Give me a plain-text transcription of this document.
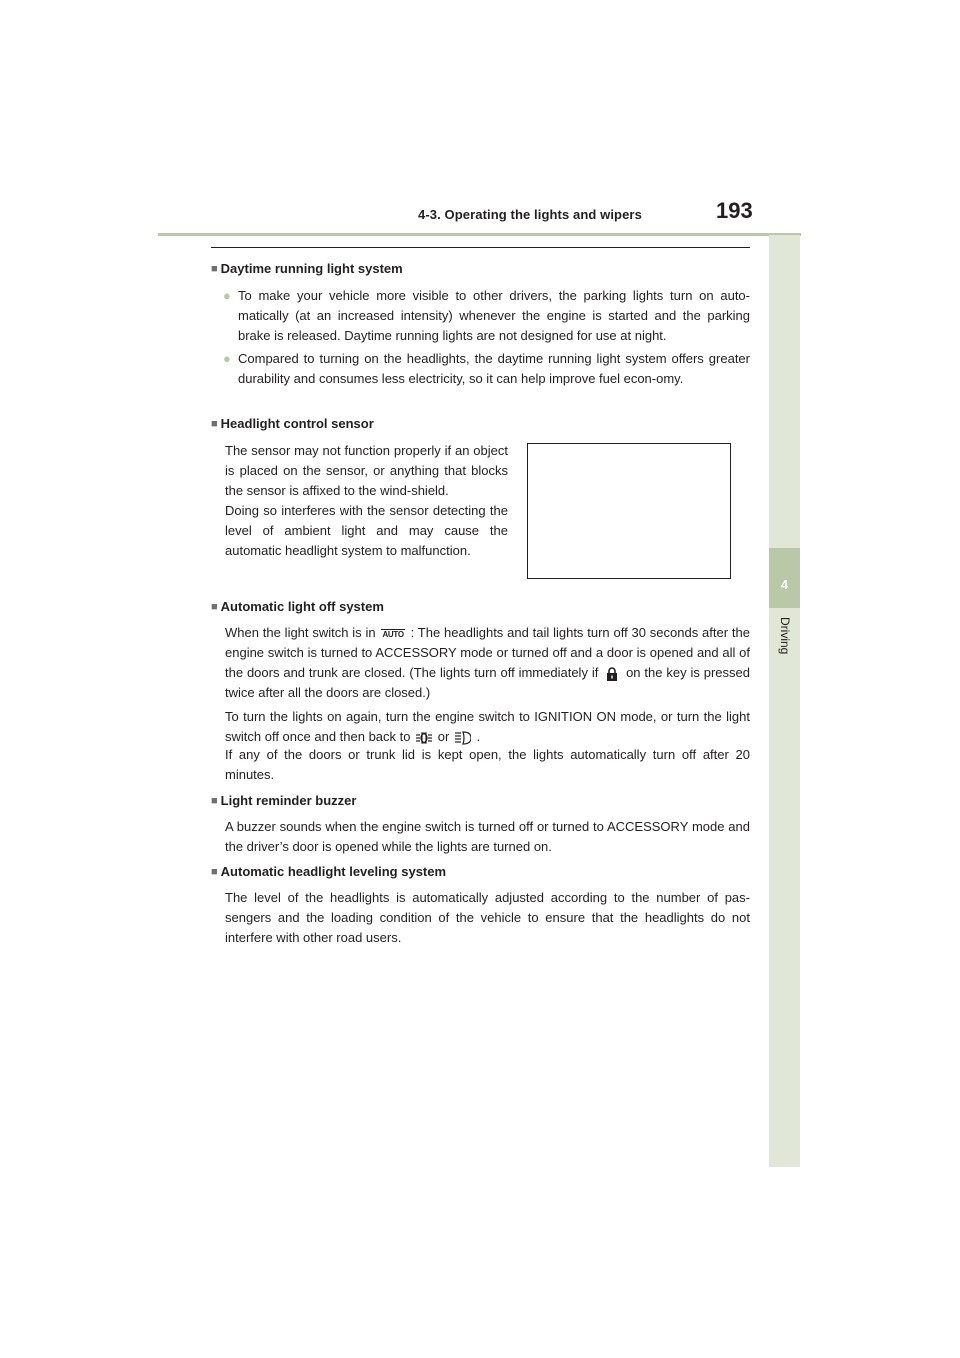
4-3. Operating the lights and wipers	193
4
Driving
■ Daytime running light system
● To make your vehicle more visible to other drivers, the parking lights turn on auto-matically (at an increased intensity) whenever the engine is started and the parking brake is released. Daytime running lights are not designed for use at night.

● Compared to turning on the headlights, the daytime running light system offers greater durability and consumes less electricity, so it can help improve fuel econ-omy.

■ Headlight control sensor
The sensor may not function properly if an object is placed on the sensor, or anything that blocks the sensor is affixed to the wind-shield.
Doing so interferes with the sensor detecting the level of ambient light and may cause the automatic headlight system to malfunction.
■ Automatic light off system

When the light switch is in AUTO : The headlights and tail lights turn off 30 seconds after the engine switch is turned to ACCESSORY mode or turned off and a door is opened and all of the doors and trunk are closed. (The lights turn off immediately if on the key is pressed twice after all the doors are closed.)

To turn the lights on again, turn the engine switch to IGNITION ON mode, or turn the light switch off once and then back to or .

If any of the doors or trunk lid is kept open, the lights automatically turn off after 20 minutes.

■ Light reminder buzzer

A buzzer sounds when the engine switch is turned off or turned to ACCESSORY mode and the driver’s door is opened while the lights are turned on.

■ Automatic headlight leveling system

The level of the headlights is automatically adjusted according to the number of pas-sengers and the loading condition of the vehicle to ensure that the headlights do not interfere with other road users.
